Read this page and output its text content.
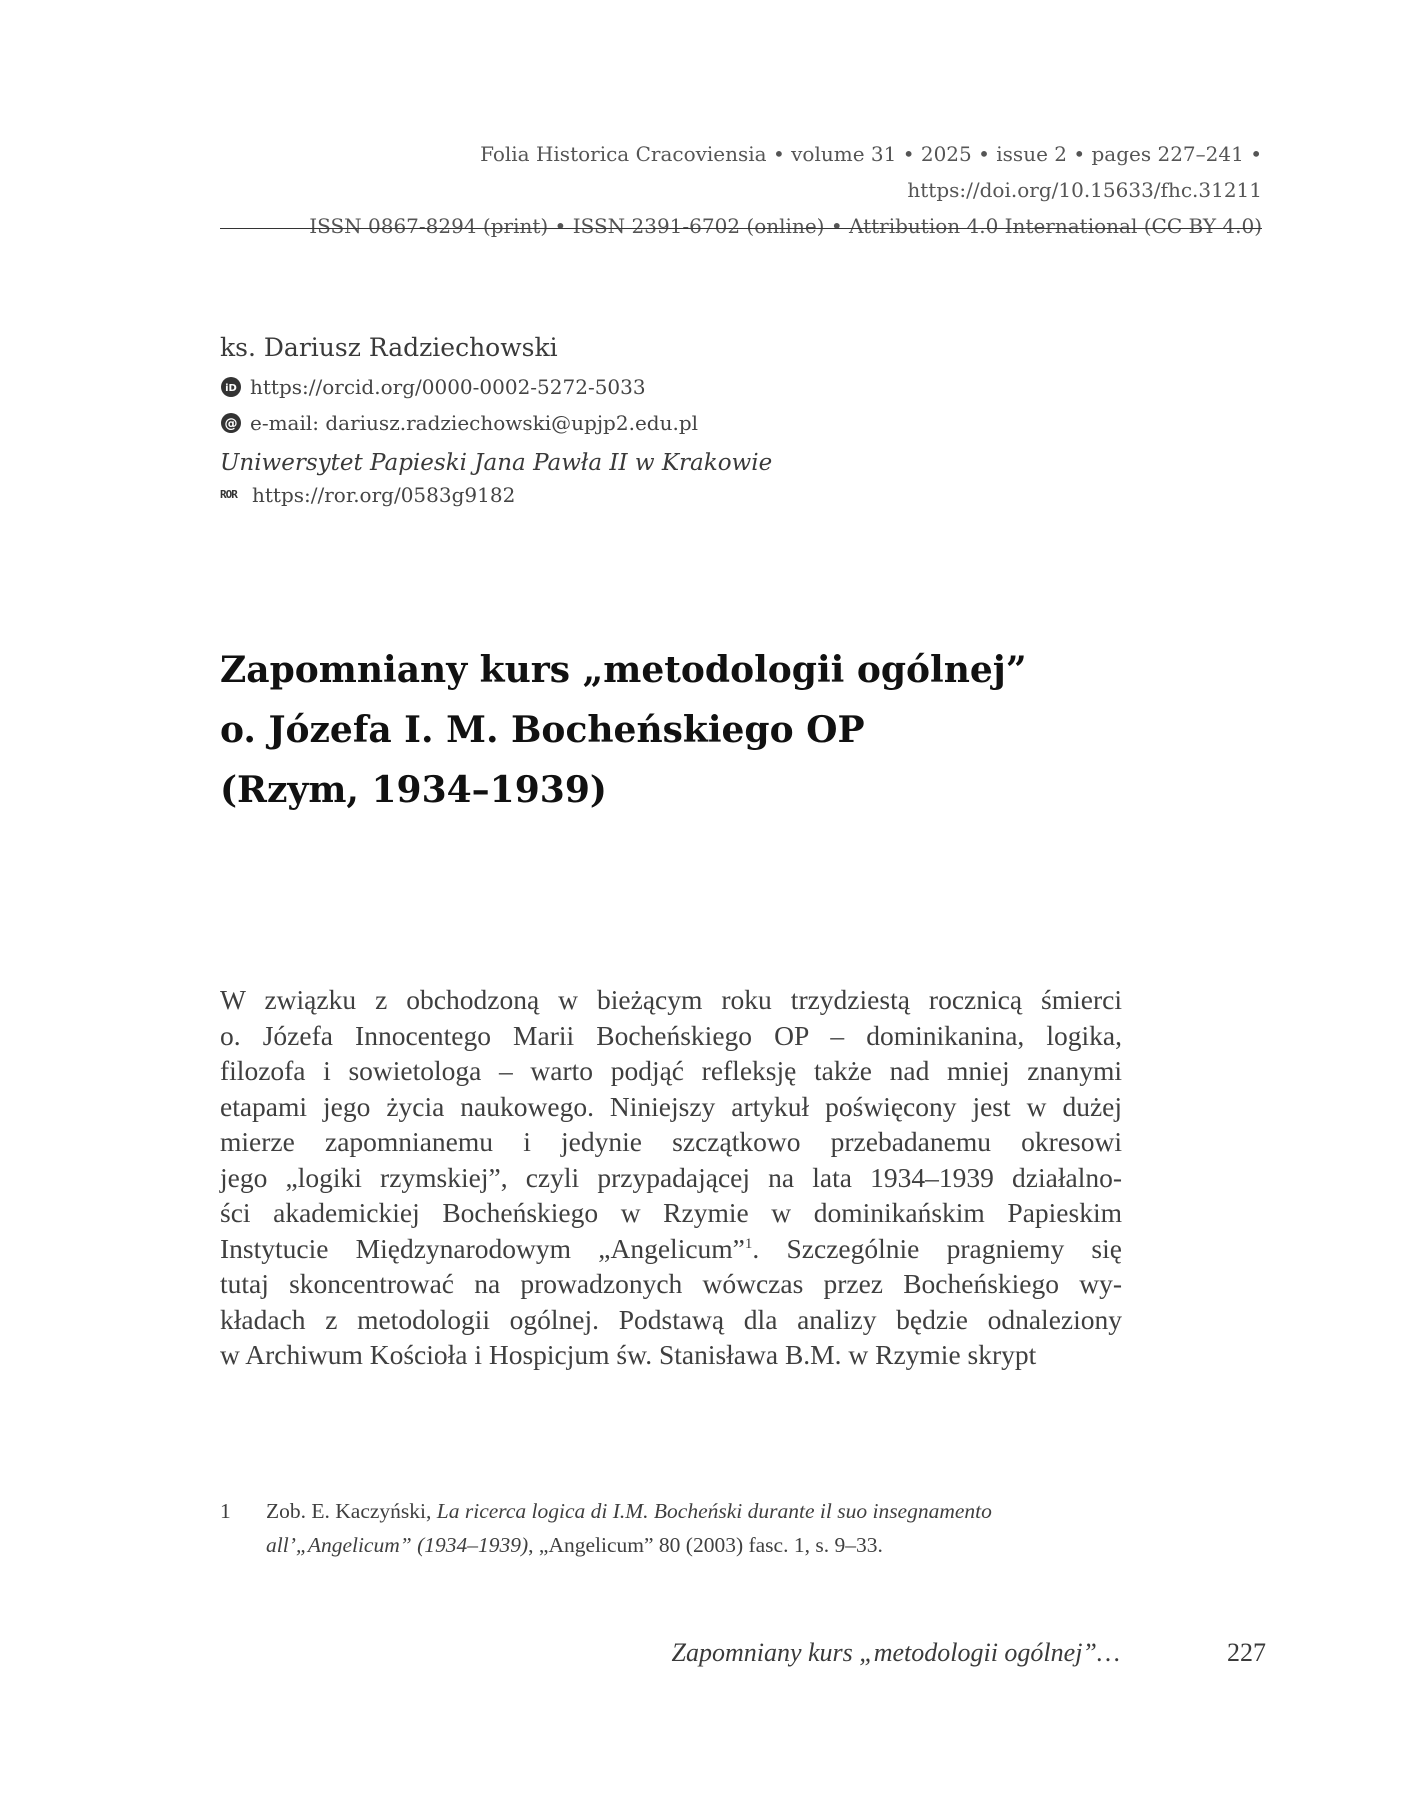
Folia Historica Cracoviensia • volume 31 • 2025 • issue 2 • pages 227–241 • https://doi.org/10.15633/fhc.31211
ISSN 0867-8294 (print) • ISSN 2391-6702 (online) • Attribution 4.0 International (CC BY 4.0)
ks. Dariusz Radziechowski
iD https://orcid.org/0000-0002-5272-5033
@ e-mail: dariusz.radziechowski@upjp2.edu.pl
Uniwersytet Papieski Jana Pawła II w Krakowie
ROR https://ror.org/0583g9182
Zapomniany kurs „metodologii ogólnej”
o. Józefa I. M. Bocheńskiego OP
(Rzym, 1934–1939)
W związku z obchodzoną w bieżącym roku trzydziestą rocznicą śmierci
o. Józefa Innocentego Marii Bocheńskiego OP – dominikanina, logika,
filozofa i sowietologa – warto podjąć refleksję także nad mniej znanymi
etapami jego życia naukowego. Niniejszy artykuł poświęcony jest w dużej
mierze zapomnianemu i jedynie szczątkowo przebadanemu okresowi
jego „logiki rzymskiej”, czyli przypadającej na lata 1934–1939 działalno-
ści akademickiej Bocheńskiego w Rzymie w dominikańskim Papieskim
Instytucie Międzynarodowym „Angelicum”$^1$. Szczególnie pragniemy się
tutaj skoncentrować na prowadzonych wówczas przez Bocheńskiego wy-
kładach z metodologii ogólnej. Podstawą dla analizy będzie odnaleziony
w Archiwum Kościoła i Hospicjum św. Stanisława B.M. w Rzymie skrypt
1 Zob. E. Kaczyński, La ricerca logica di I.M. Bocheński durante il suo insegnamento
all’„Angelicum” (1934–1939), „Angelicum” 80 (2003) fasc. 1, s. 9–33.
Zapomniany kurs „metodologii ogólnej”…	227
